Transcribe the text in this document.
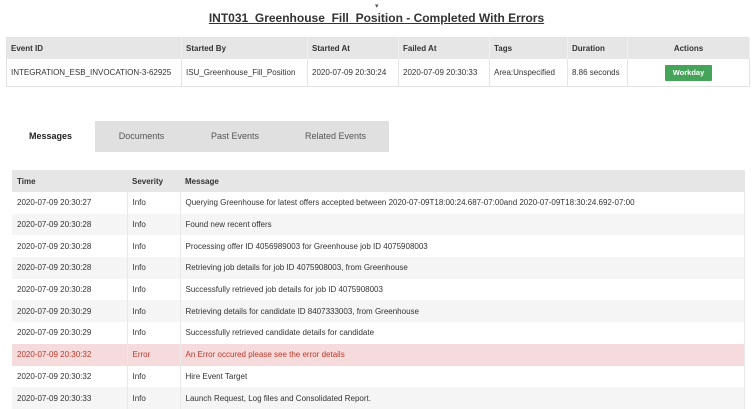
▾
INT031_Greenhouse_Fill_Position - Completed With Errors
Event ID	Started By	Started At	Failed At	Tags	Duration	Actions
INTEGRATION_ESB_INVOCATION-3-62925	ISU_Greenhouse_Fill_Position	2020-07-09 20:30:24	2020-07-09 20:30:33	Area:Unspecified	8.86 seconds	Workday
Messages	Documents	Past Events	Related Events
Time	Severity	Message
2020-07-09 20:30:27	Info	Querying Greenhouse for latest offers accepted between 2020-07-09T18:00:24.687-07:00and 2020-07-09T18:30:24.692-07:00
2020-07-09 20:30:28	Info	Found new recent offers
2020-07-09 20:30:28	Info	Processing offer ID 4056989003 for Greenhouse job ID 4075908003
2020-07-09 20:30:28	Info	Retrieving job details for job ID 4075908003, from Greenhouse
2020-07-09 20:30:28	Info	Successfully retrieved job details for job ID 4075908003
2020-07-09 20:30:29	Info	Retrieving details for candidate ID 8407333003, from Greenhouse
2020-07-09 20:30:29	Info	Successfully retrieved candidate details for candidate
2020-07-09 20:30:32	Error	An Error occured please see the error details
2020-07-09 20:30:32	Info	Hire Event Target
2020-07-09 20:30:33	Info	Launch Request, Log files and Consolidated Report.
